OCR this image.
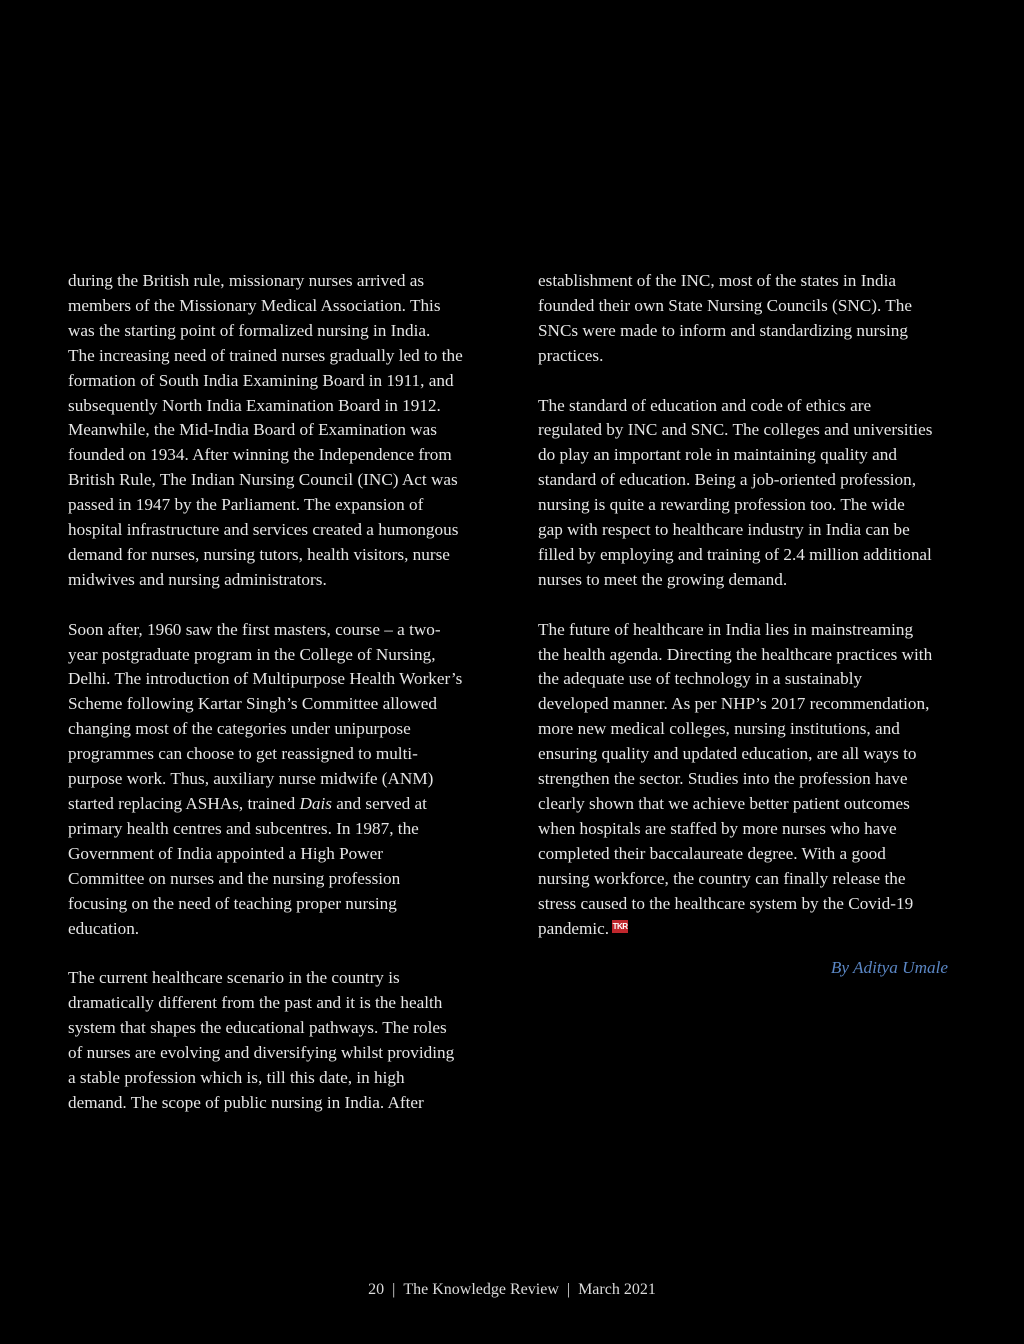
during the British rule, missionary nurses arrived as
members of the Missionary Medical Association. This
was the starting point of formalized nursing in India.
The increasing need of trained nurses gradually led to the
formation of South India Examining Board in 1911, and
subsequently North India Examination Board in 1912.
Meanwhile, the Mid-India Board of Examination was
founded on 1934. After winning the Independence from
British Rule, The Indian Nursing Council (INC) Act was
passed in 1947 by the Parliament. The expansion of
hospital infrastructure and services created a humongous
demand for nurses, nursing tutors, health visitors, nurse
midwives and nursing administrators.
Soon after, 1960 saw the first masters, course – a two-
year postgraduate program in the College of Nursing,
Delhi. The introduction of Multipurpose Health Worker’s
Scheme following Kartar Singh’s Committee allowed
changing most of the categories under unipurpose
programmes can choose to get reassigned to multi-
purpose work. Thus, auxiliary nurse midwife (ANM)
started replacing ASHAs, trained Dais and served at
primary health centres and subcentres. In 1987, the
Government of India appointed a High Power
Committee on nurses and the nursing profession
focusing on the need of teaching proper nursing
education.
The current healthcare scenario in the country is
dramatically different from the past and it is the health
system that shapes the educational pathways. The roles
of nurses are evolving and diversifying whilst providing
a stable profession which is, till this date, in high
demand. The scope of public nursing in India. After
establishment of the INC, most of the states in India
founded their own State Nursing Councils (SNC). The
SNCs were made to inform and standardizing nursing
practices.
The standard of education and code of ethics are
regulated by INC and SNC. The colleges and universities
do play an important role in maintaining quality and
standard of education. Being a job-oriented profession,
nursing is quite a rewarding profession too. The wide
gap with respect to healthcare industry in India can be
filled by employing and training of 2.4 million additional
nurses to meet the growing demand.
The future of healthcare in India lies in mainstreaming
the health agenda. Directing the healthcare practices with
the adequate use of technology in a sustainably
developed manner. As per NHP’s 2017 recommendation,
more new medical colleges, nursing institutions, and
ensuring quality and updated education, are all ways to
strengthen the sector. Studies into the profession have
clearly shown that we achieve better patient outcomes
when hospitals are staffed by more nurses who have
completed their baccalaureate degree. With a good
nursing workforce, the country can finally release the
stress caused to the healthcare system by the Covid-19
pandemic. TKR
By Aditya Umale
20 | The Knowledge Review | March 2021
